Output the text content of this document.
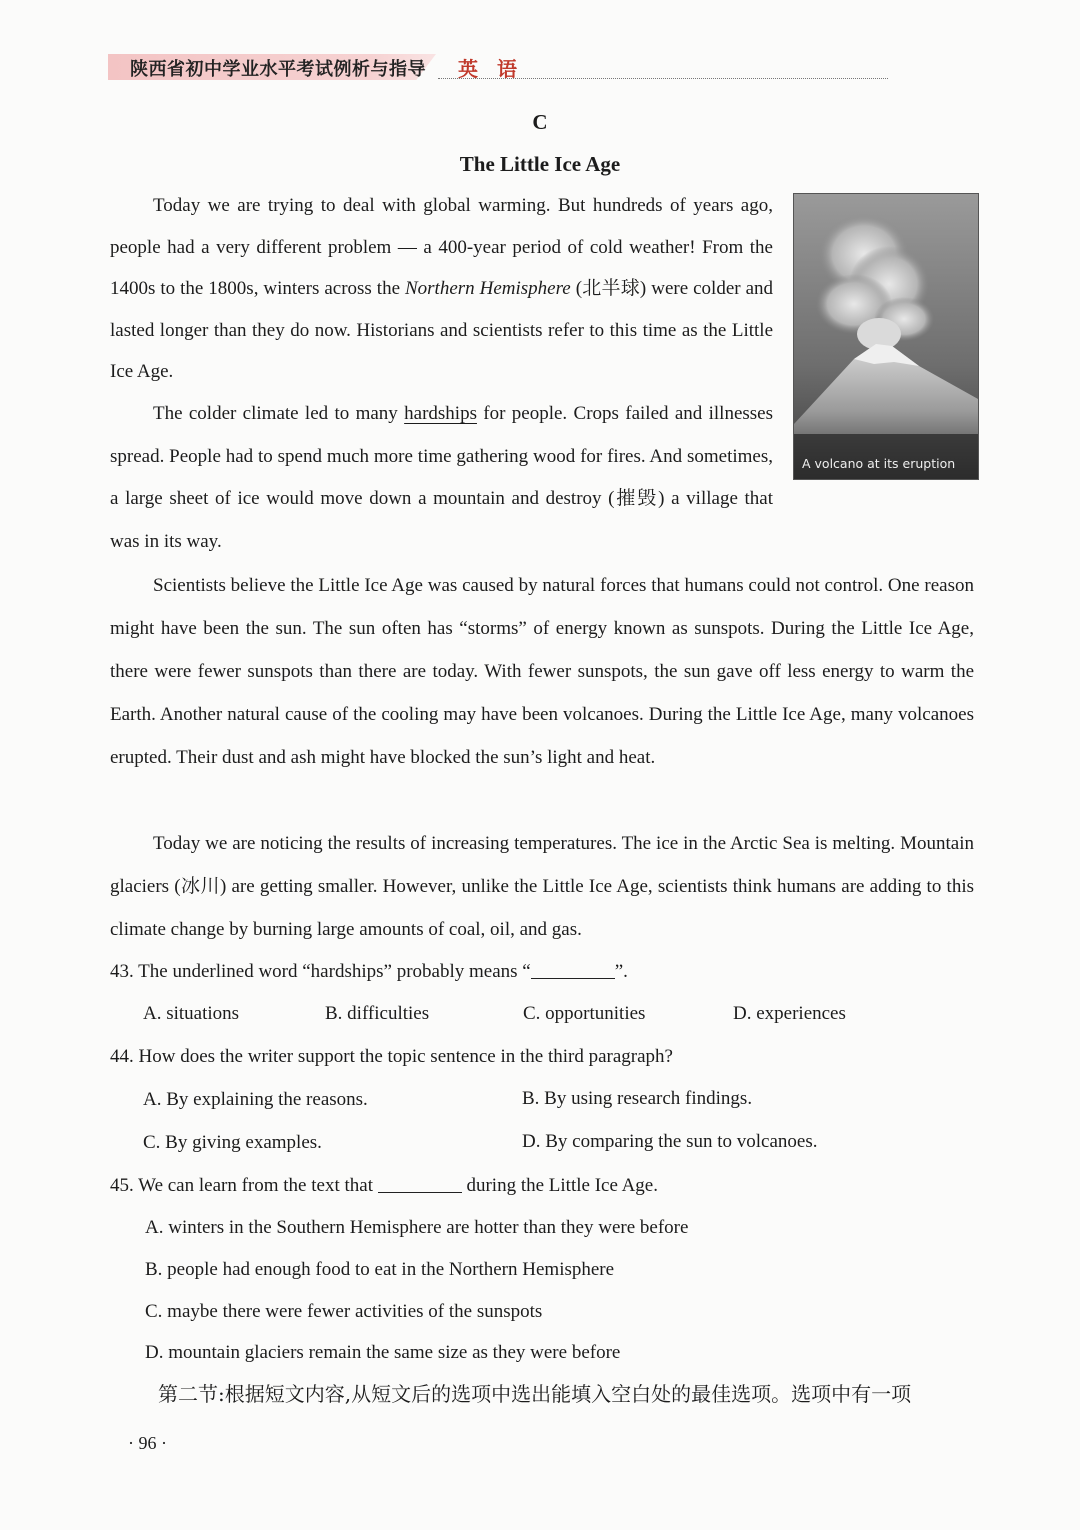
陕西省初中学业水平考试例析与指导 英 语
C
The Little Ice Age

Today we are trying to deal with global warming. But hundreds of years ago, people had a very different problem — a 400-year period of cold weather! From the 1400s to the 1800s, winters across the Northern Hemisphere (北半球) were colder and lasted longer than they do now. Historians and scientists refer to this time as the Little Ice Age.

The colder climate led to many hardships for people. Crops failed and illnesses spread. People had to spend much more time gathering wood for fires. And sometimes, a large sheet of ice would move down a mountain and destroy (摧毁) a village that was in its way.

A volcano at its eruption

Scientists believe the Little Ice Age was caused by natural forces that humans could not control. One reason might have been the sun. The sun often has “storms” of energy known as sunspots. During the Little Ice Age, there were fewer sunspots than there are today. With fewer sunspots, the sun gave off less energy to warm the Earth. Another natural cause of the cooling may have been volcanoes. During the Little Ice Age, many volcanoes erupted. Their dust and ash might have blocked the sun’s light and heat.

Today we are noticing the results of increasing temperatures. The ice in the Arctic Sea is melting. Mountain glaciers (冰川) are getting smaller. However, unlike the Little Ice Age, scientists think humans are adding to this climate change by burning large amounts of coal, oil, and gas.

43. The underlined word “hardships” probably means “	”.

A. situations	B. difficulties	C. opportunities	D. experiences

44. How does the writer support the topic sentence in the third paragraph?

A. By explaining the reasons.	B. By using research findings.

C. By giving examples.	D. By comparing the sun to volcanoes.

45. We can learn from the text that	during the Little Ice Age.

A. winters in the Southern Hemisphere are hotter than they were before

B. people had enough food to eat in the Northern Hemisphere

C. maybe there were fewer activities of the sunspots

D. mountain glaciers remain the same size as they were before

第二节:根据短文内容,从短文后的选项中选出能填入空白处的最佳选项。选项中有一项
· 96 ·
